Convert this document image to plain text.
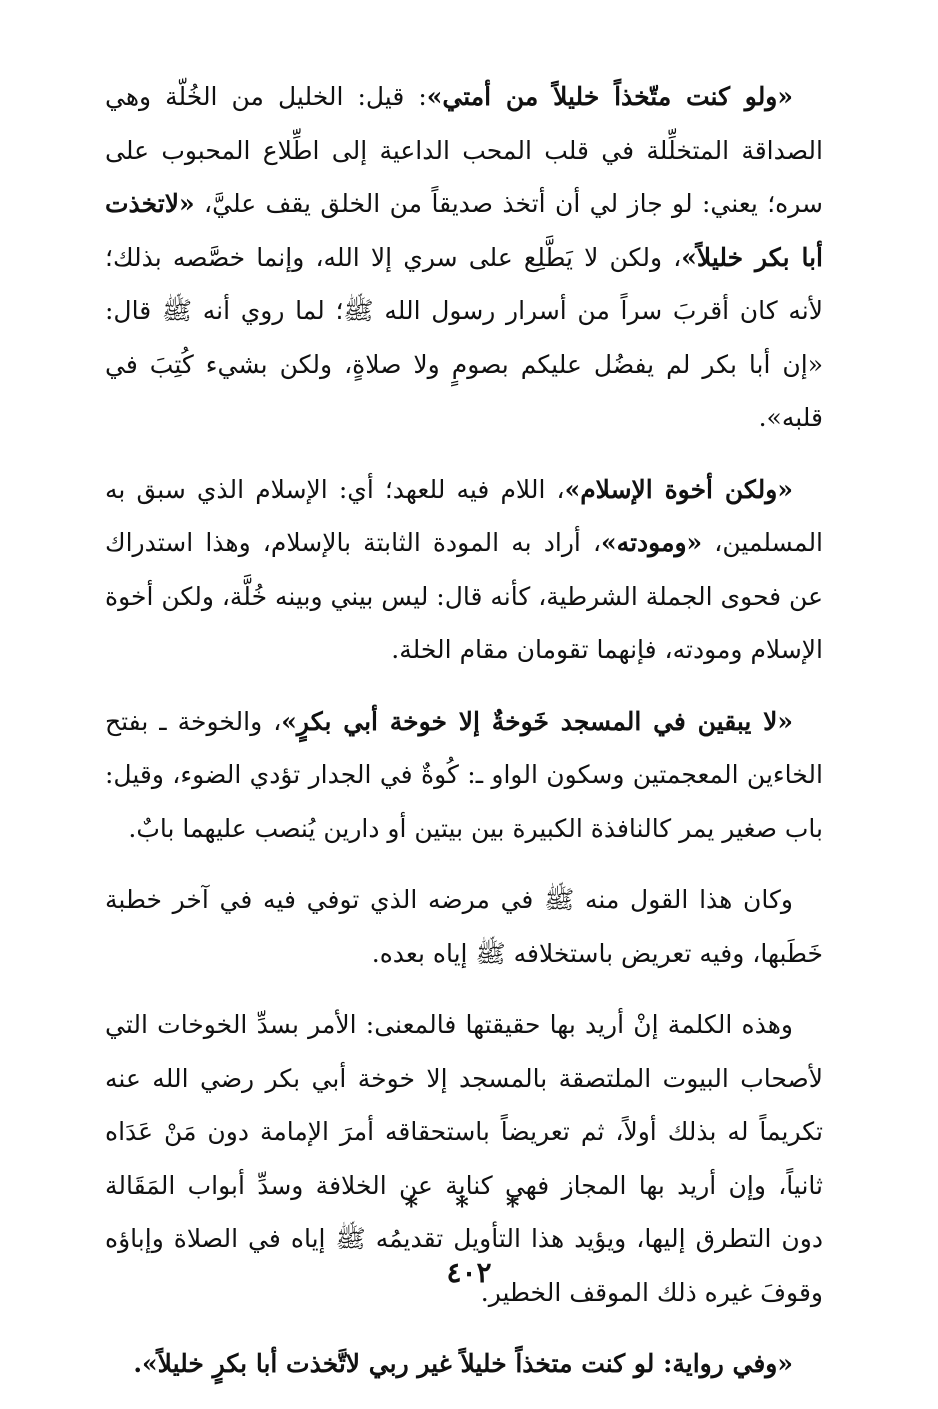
«ولو كنت متّخذاً خليلاً من أمتي»: قيل: الخليل من الخُلّة وهي الصداقة المتخلِّلة في قلب المحب الداعية إلى اطِّلاع المحبوب على سره؛ يعني: لو جاز لي أن أتخذ صديقاً من الخلق يقف عليَّ، «لاتخذت أبا بكر خليلاً»، ولكن لا يَطَّلِع على سري إلا الله، وإنما خصَّصه بذلك؛ لأنه كان أقربَ سراً من أسرار رسول الله ﷺ؛ لما روي أنه ﷺ قال: «إن أبا بكر لم يفضُل عليكم بصومٍ ولا صلاةٍ، ولكن بشيء كُتِبَ في قلبه».

«ولكن أخوة الإسلام»، اللام فيه للعهد؛ أي: الإسلام الذي سبق به المسلمين، «ومودته»، أراد به المودة الثابتة بالإسلام، وهذا استدراك عن فحوى الجملة الشرطية، كأنه قال: ليس بيني وبينه خُلَّة، ولكن أخوة الإسلام ومودته، فإنهما تقومان مقام الخلة.

«لا يبقين في المسجد خَوخةٌ إلا خوخة أبي بكرٍ»، والخوخة ـ بفتح الخاءين المعجمتين وسكون الواو ـ: كُوةٌ في الجدار تؤدي الضوء، وقيل: باب صغير يمر كالنافذة الكبيرة بين بيتين أو دارين يُنصب عليهما بابٌ.

وكان هذا القول منه ﷺ في مرضه الذي توفي فيه في آخر خطبة خَطَبها، وفيه تعريض باستخلافه ﷺ إياه بعده.

وهذه الكلمة إنْ أريد بها حقيقتها فالمعنى: الأمر بسدِّ الخوخات التي لأصحاب البيوت الملتصقة بالمسجد إلا خوخة أبي بكر رضي الله عنه تكريماً له بذلك أولاً، ثم تعريضاً باستحقاقه أمرَ الإمامة دون مَنْ عَدَاه ثانياً، وإن أريد بها المجاز فهي كناية عن الخلافة وسدِّ أبواب المَقَالة دون التطرق إليها، ويؤيد هذا التأويل تقديمُه ﷺ إياه في الصلاة وإباؤه وقوفَ غيره ذلك الموقف الخطير.

«وفي رواية: لو كنت متخذاً خليلاً غير ربي لاتَّخذت أبا بكرٍ خليلاً».

* * *
٤٠٢
